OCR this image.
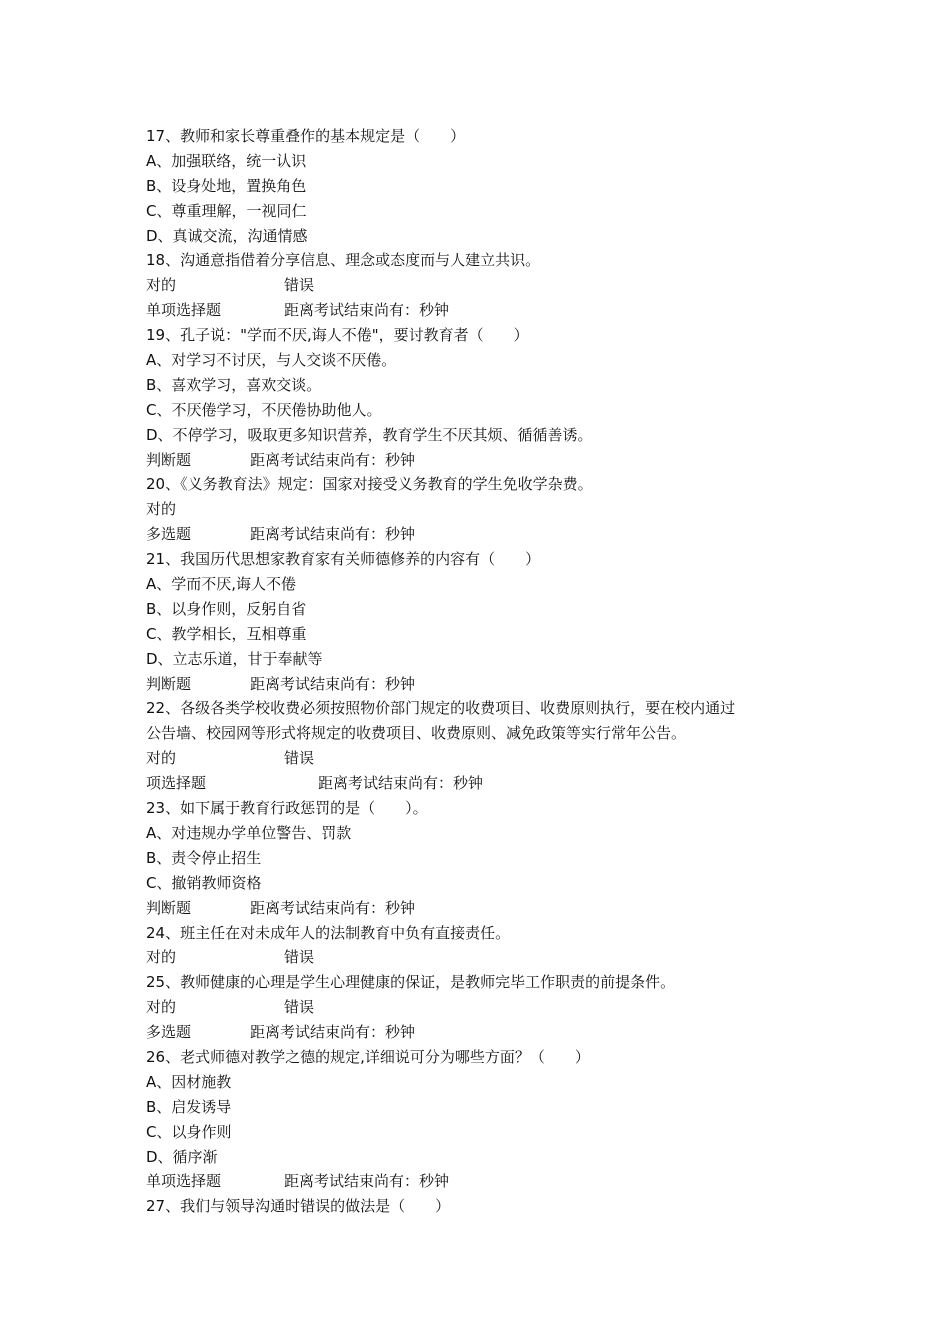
17、教师和家长尊重叠作的基本规定是（　　）
A、加强联络，统一认识
B、设身处地，置换角色
C、尊重理解，一视同仁
D、真诚交流，沟通情感
18、沟通意指借着分享信息、理念或态度而与人建立共识。
对的	错误
单项选择题	距离考试结束尚有：秒钟
19、孔子说："学而不厌,诲人不倦"，要讨教育者（　　）
A、对学习不讨厌，与人交谈不厌倦。
B、喜欢学习，喜欢交谈。
C、不厌倦学习，不厌倦协助他人。
D、不停学习，吸取更多知识营养，教育学生不厌其烦、循循善诱。
判断题	距离考试结束尚有：秒钟
20、《义务教育法》规定：国家对接受义务教育的学生免收学杂费。
对的
多选题	距离考试结束尚有：秒钟
21、我国历代思想家教育家有关师德修养的内容有（　　）
A、学而不厌,诲人不倦
B、以身作则，反躬自省
C、教学相长，互相尊重
D、立志乐道，甘于奉献等
判断题	距离考试结束尚有：秒钟
22、各级各类学校收费必须按照物价部门规定的收费项目、收费原则执行，要在校内通过
公告墙、校园网等形式将规定的收费项目、收费原则、减免政策等实行常年公告。
对的	错误
项选择题	距离考试结束尚有：秒钟
23、如下属于教育行政惩罚的是（　　）。
A、对违规办学单位警告、罚款
B、责令停止招生
C、撤销教师资格
判断题	距离考试结束尚有：秒钟
24、班主任在对未成年人的法制教育中负有直接责任。
对的	错误
25、教师健康的心理是学生心理健康的保证，是教师完毕工作职责的前提条件。
对的	错误
多选题	距离考试结束尚有：秒钟
26、老式师德对教学之德的规定,详细说可分为哪些方面？（　　）
A、因材施教
B、启发诱导
C、以身作则
D、循序渐
单项选择题	距离考试结束尚有：秒钟
27、我们与领导沟通时错误的做法是（　　）
